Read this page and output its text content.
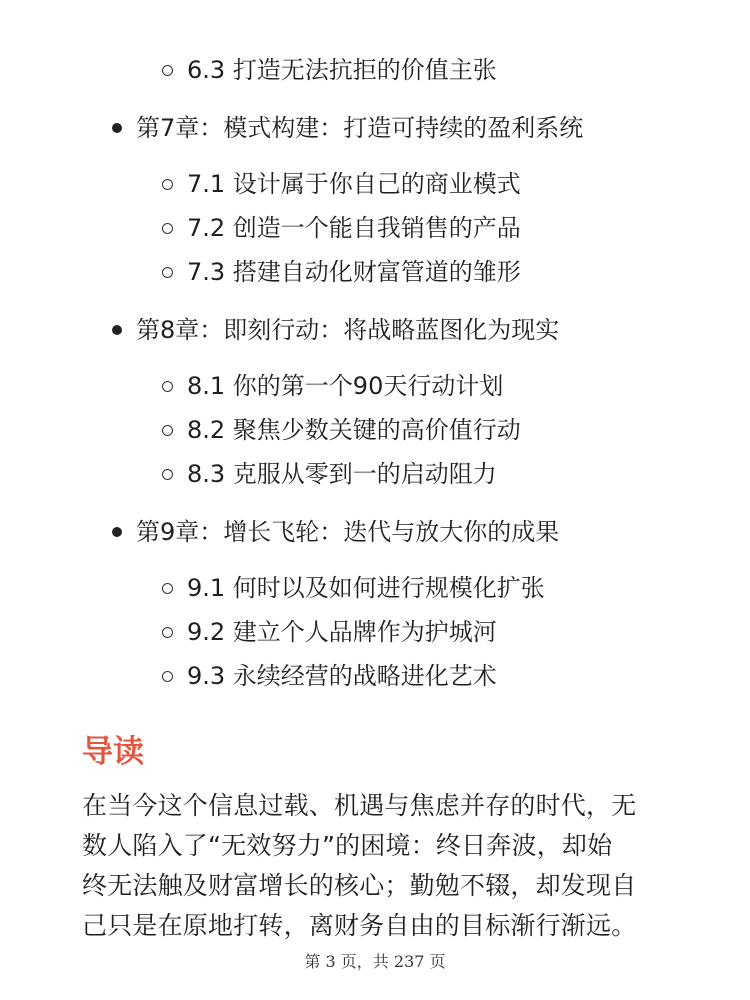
6.3 打造无法抗拒的价值主张
第7章：模式构建：打造可持续的盈利系统
7.1 设计属于你自己的商业模式
7.2 创造一个能自我销售的产品
7.3 搭建自动化财富管道的雏形
第8章：即刻行动：将战略蓝图化为现实
8.1 你的第一个90天行动计划
8.2 聚焦少数关键的高价值行动
8.3 克服从零到一的启动阻力
第9章：增长飞轮：迭代与放大你的成果
9.1 何时以及如何进行规模化扩张
9.2 建立个人品牌作为护城河
9.3 永续经营的战略进化艺术
导读

在当今这个信息过载、机遇与焦虑并存的时代，无
数人陷入了“无效努力”的困境：终日奔波，却始
终无法触及财富增长的核心；勤勉不辍，却发现自
己只是在原地打转，离财务自由的目标渐行渐远。

第 3 页，共 237 页
